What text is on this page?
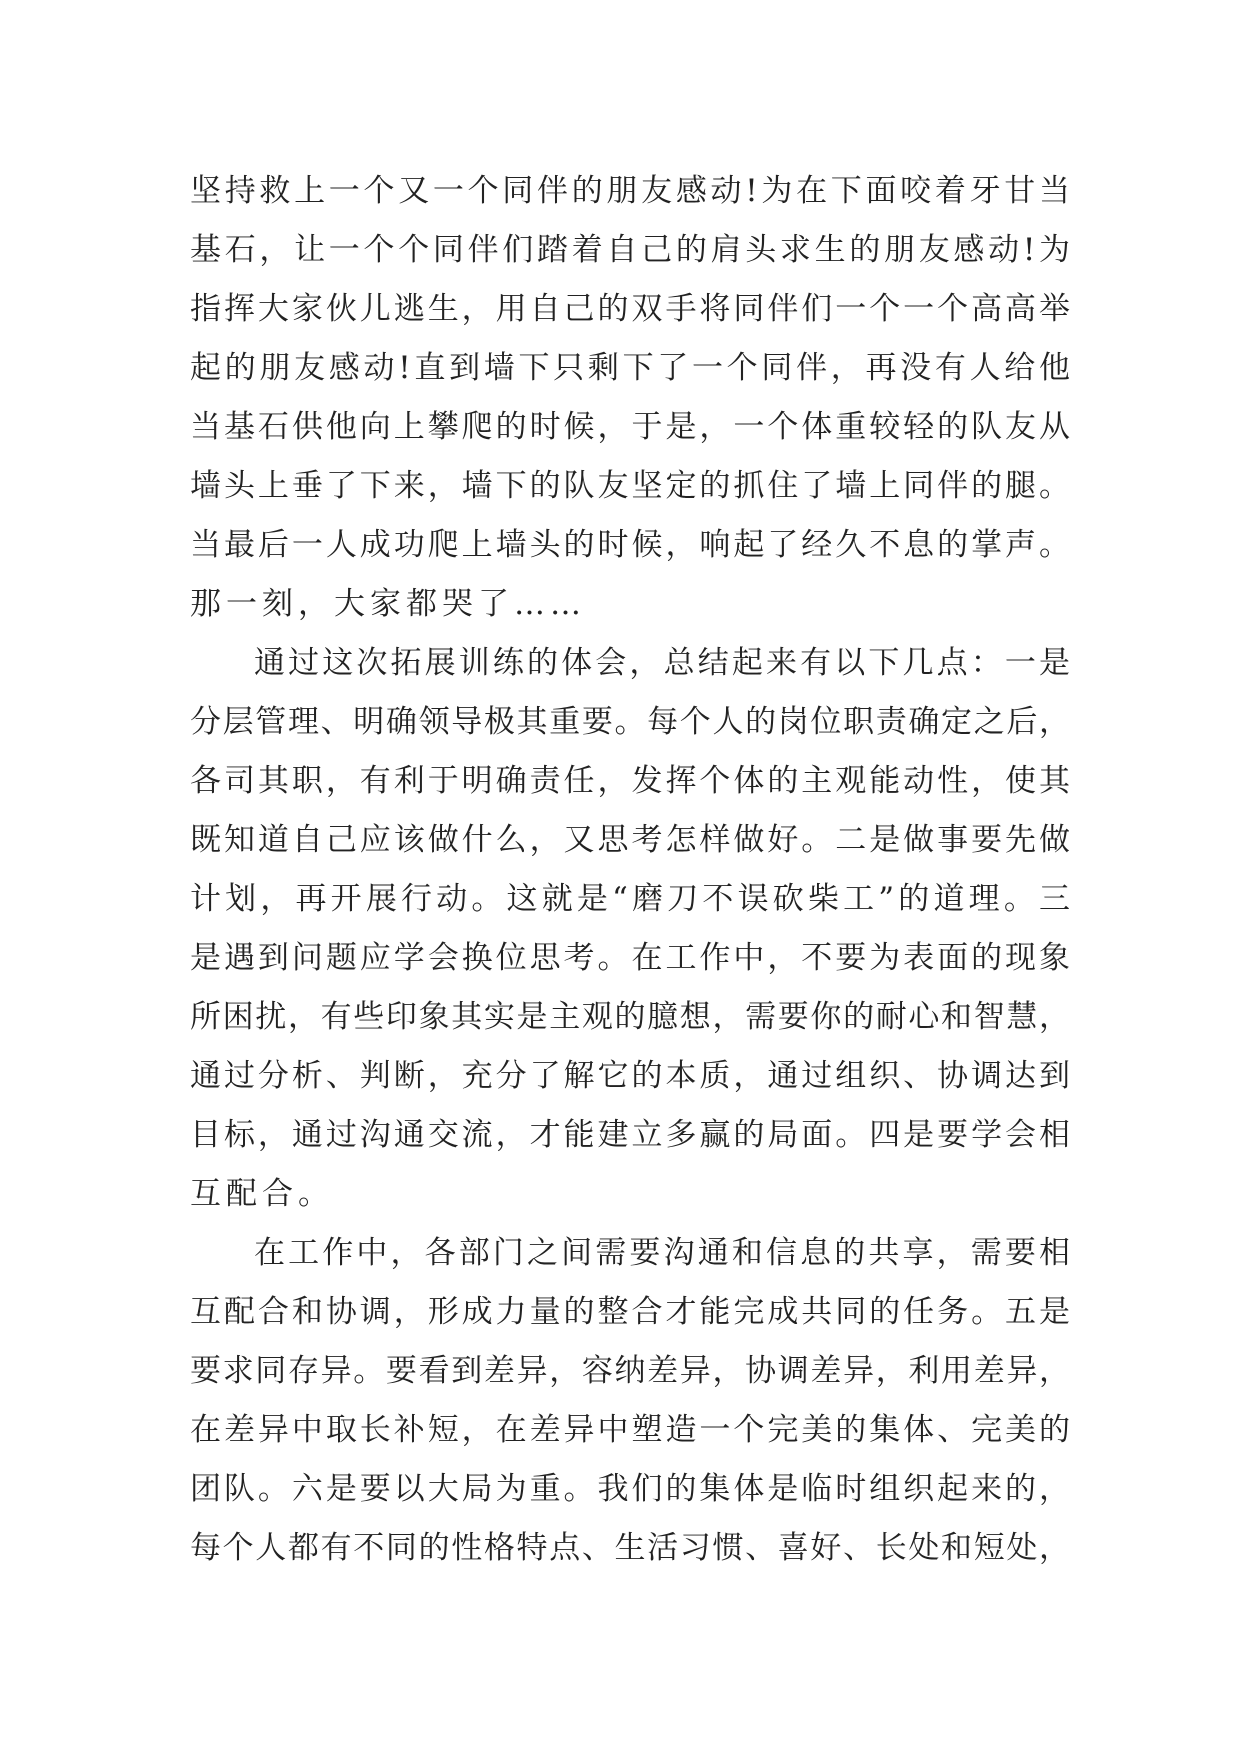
坚持救上一个又一个同伴的朋友感动!为在下面咬着牙甘当
基石，让一个个同伴们踏着自己的肩头求生的朋友感动!为
指挥大家伙儿逃生，用自己的双手将同伴们一个一个高高举
起的朋友感动!直到墙下只剩下了一个同伴，再没有人给他
当基石供他向上攀爬的时候，于是，一个体重较轻的队友从
墙头上垂了下来，墙下的队友坚定的抓住了墙上同伴的腿。
当最后一人成功爬上墙头的时候，响起了经久不息的掌声。
那一刻，大家都哭了……
通过这次拓展训练的体会，总结起来有以下几点：一是
分层管理、明确领导极其重要。每个人的岗位职责确定之后，
各司其职，有利于明确责任，发挥个体的主观能动性，使其
既知道自己应该做什么，又思考怎样做好。二是做事要先做
计划，再开展行动。这就是“磨刀不误砍柴工”的道理。三
是遇到问题应学会换位思考。在工作中，不要为表面的现象
所困扰，有些印象其实是主观的臆想，需要你的耐心和智慧，
通过分析、判断，充分了解它的本质，通过组织、协调达到
目标，通过沟通交流，才能建立多赢的局面。四是要学会相
互配合。
在工作中，各部门之间需要沟通和信息的共享，需要相
互配合和协调，形成力量的整合才能完成共同的任务。五是
要求同存异。要看到差异，容纳差异，协调差异，利用差异，
在差异中取长补短，在差异中塑造一个完美的集体、完美的
团队。六是要以大局为重。我们的集体是临时组织起来的，
每个人都有不同的性格特点、生活习惯、喜好、长处和短处，
